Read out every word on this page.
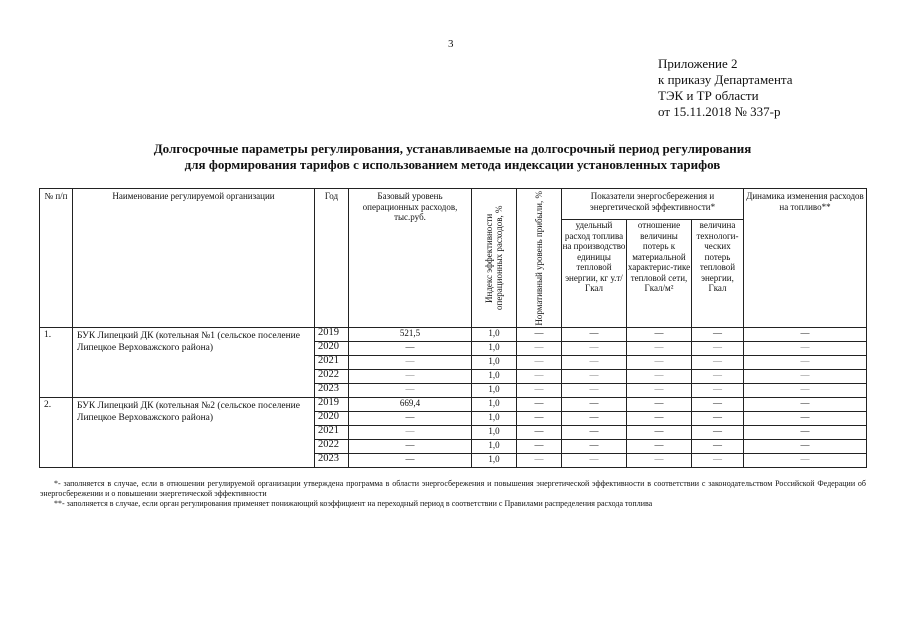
3
Приложение 2
к приказу Департамента
ТЭК и ТР области
от 15.11.2018 № 337-р
Долгосрочные параметры регулирования, устанавливаемые на долгосрочный период регулирования
для формирования тарифов с использованием метода индексации установленных тарифов
№ п/п	Наименование регулируемой организации	Год	Базовый уровень операционных расходов, тыс.руб.	Индекс эффективности операционных расходов, %	Нормативный уровень прибыли, %	Показатели энергосбережения и энергетической эффективности*			Динамика изменения расходов на топливо**
						удельный расход топлива на производство единицы тепловой энергии, кг у.т/Гкал	отношение величины потерь к материальной характерис-тике тепловой сети, Гкал/м²	величина технологи-ческих потерь тепловой энергии, Гкал	
1.	БУК Липецкий ДК (котельная №1 (сельское поселение Липецкое Верховажского района)	2019	521,5	1,0	—	—	—	—	—
		2020	—	1,0	—	—	—	—	—
		2021	—	1,0	—	—	—	—	—
		2022	—	1,0	—	—	—	—	—
		2023	—	1,0	—	—	—	—	—
2.	БУК Липецкий ДК (котельная №2 (сельское поселение Липецкое Верховажского района)	2019	669,4	1,0	—	—	—	—	—
		2020	—	1,0	—	—	—	—	—
		2021	—	1,0	—	—	—	—	—
		2022	—	1,0	—	—	—	—	—
		2023	—	1,0	—	—	—	—	—

*- заполняется в случае, если в отношении регулируемой организации утверждена программа в области энергосбережения и повышения энергетической эффективности в соответствии с законодательством Российской Федерации об энергосбережении и о повышении энергетической эффективности

**- заполняется в случае, если орган регулирования применяет понижающий коэффициент на переходный период в соответствии с Правилами распределения расхода топлива
